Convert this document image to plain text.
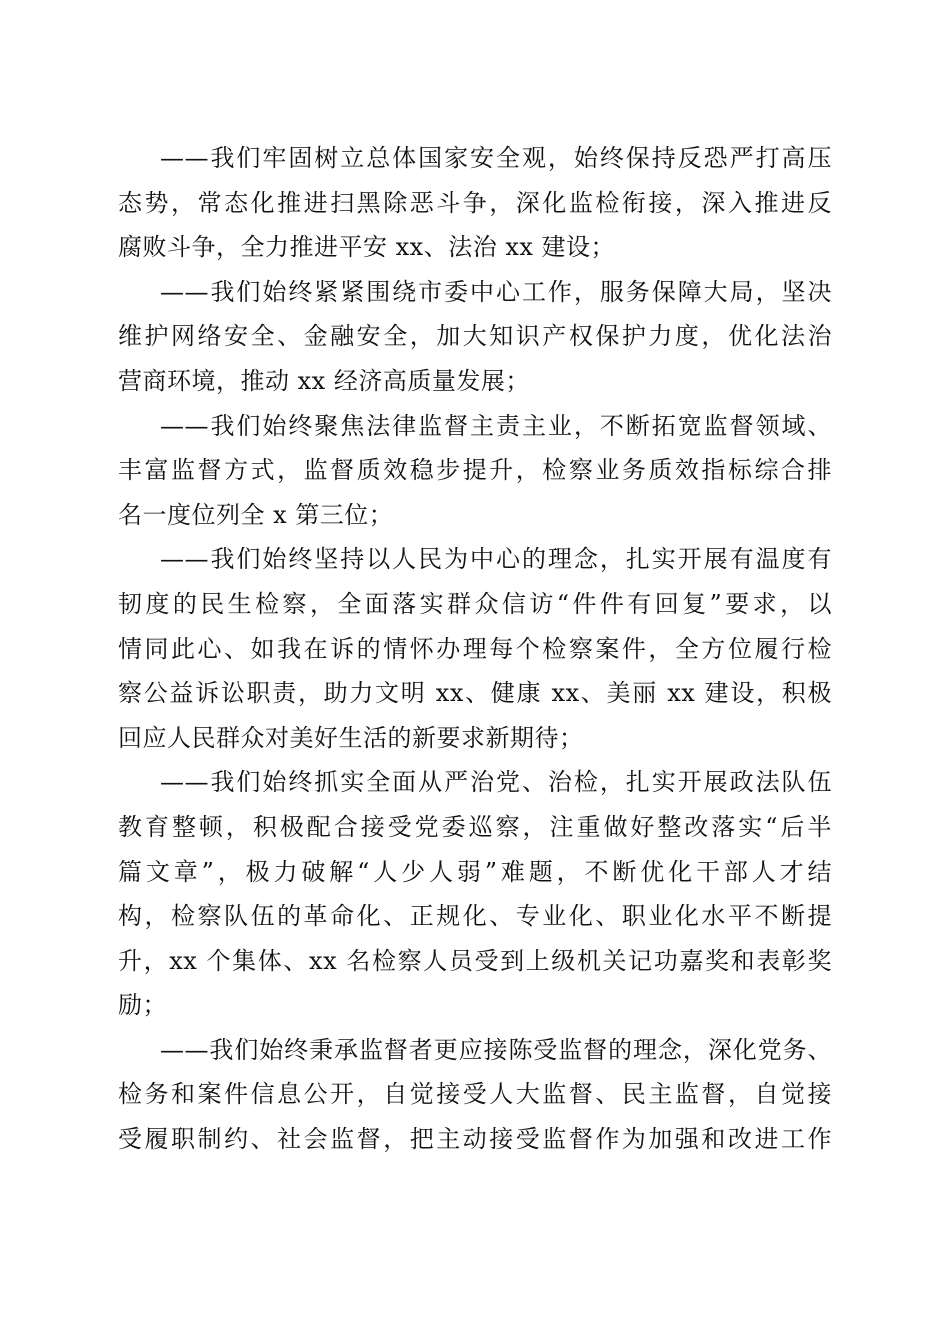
——我们牢固树立总体国家安全观，始终保持反恐严打高压
态势，常态化推进扫黑除恶斗争，深化监检衔接，深入推进反
腐败斗争，全力推进平安 xx、法治 xx 建设；
——我们始终紧紧围绕市委中心工作，服务保障大局，坚决
维护网络安全、金融安全，加大知识产权保护力度，优化法治
营商环境，推动 xx 经济高质量发展；
——我们始终聚焦法律监督主责主业，不断拓宽监督领域、
丰富监督方式，监督质效稳步提升，检察业务质效指标综合排
名一度位列全 x 第三位；
——我们始终坚持以人民为中心的理念，扎实开展有温度有
韧度的民生检察，全面落实群众信访“件件有回复”要求，以
情同此心、如我在诉的情怀办理每个检察案件，全方位履行检
察公益诉讼职责，助力文明 xx、健康 xx、美丽 xx 建设，积极
回应人民群众对美好生活的新要求新期待；
——我们始终抓实全面从严治党、治检，扎实开展政法队伍
教育整顿，积极配合接受党委巡察，注重做好整改落实“后半
篇文章”，极力破解“人少人弱”难题，不断优化干部人才结
构，检察队伍的革命化、正规化、专业化、职业化水平不断提
升，xx 个集体、xx 名检察人员受到上级机关记功嘉奖和表彰奖
励；
——我们始终秉承监督者更应接陈受监督的理念，深化党务、
检务和案件信息公开，自觉接受人大监督、民主监督，自觉接
受履职制约、社会监督，把主动接受监督作为加强和改进工作
